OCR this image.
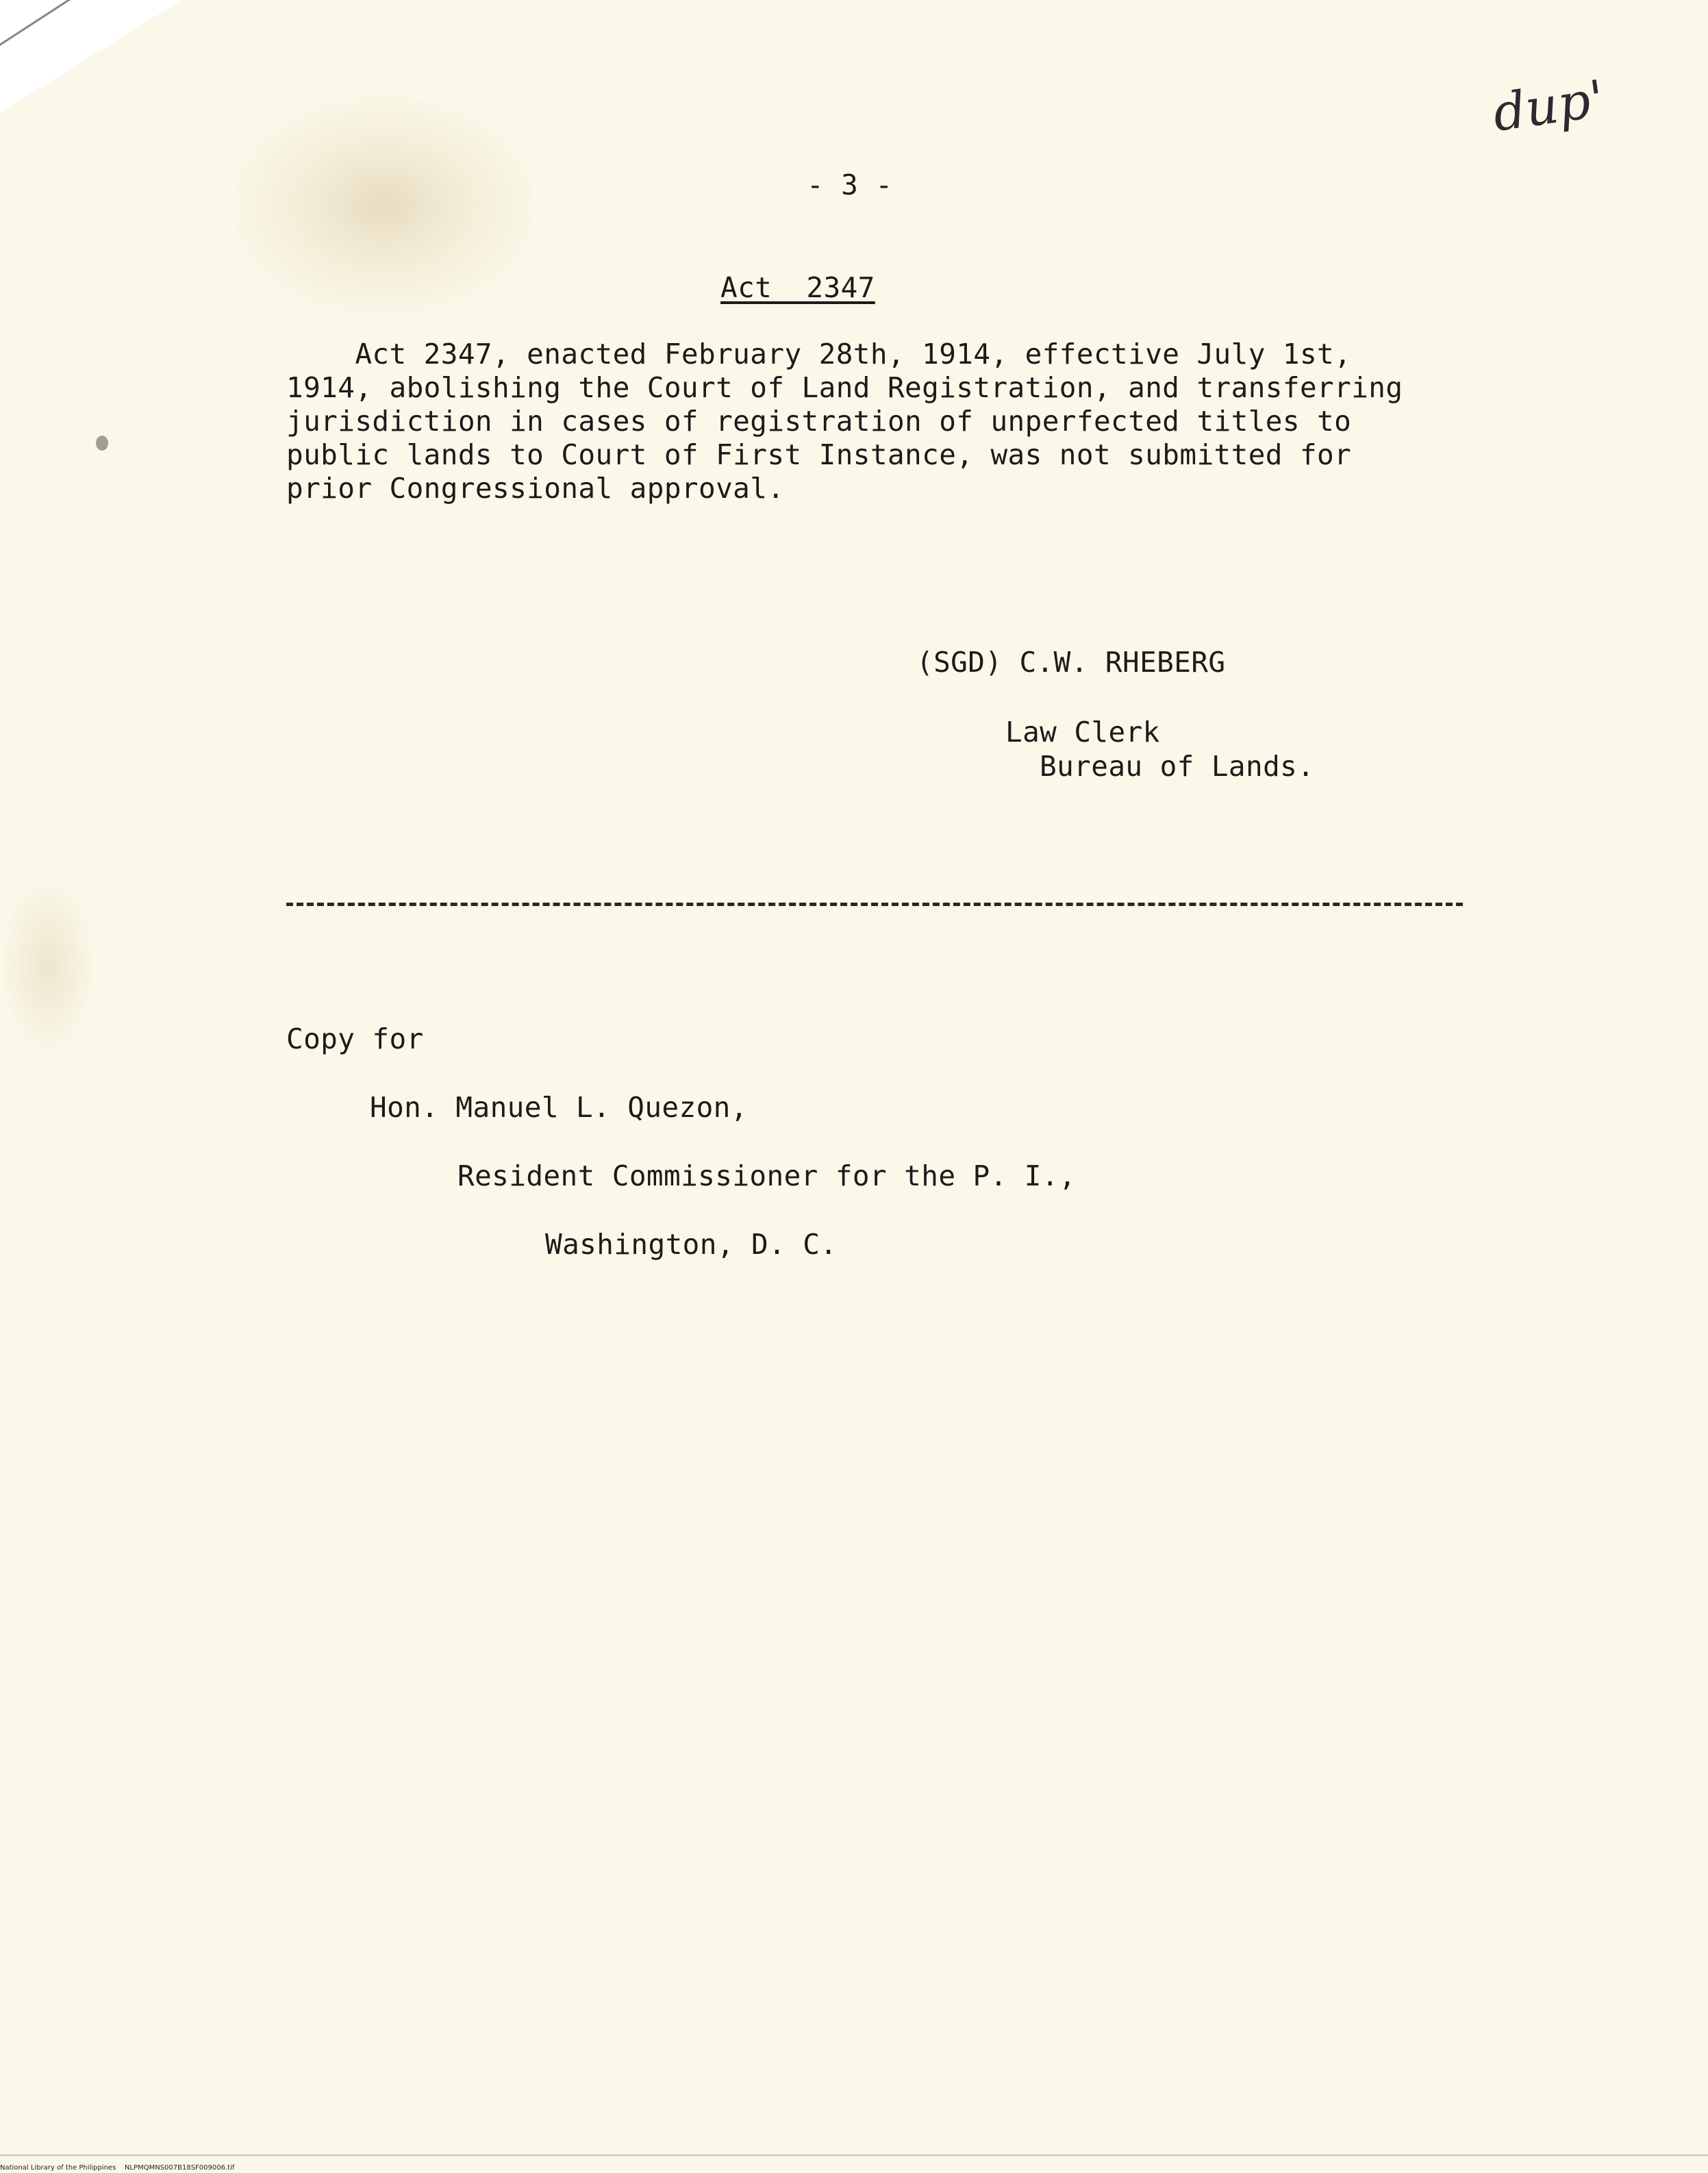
dup'
- 3 -
Act  2347
Act 2347, enacted February 28th, 1914, effective July 1st,
1914, abolishing the Court of Land Registration, and transferring
jurisdiction in cases of registration of unperfected titles to
public lands to Court of First Instance, was not submitted for
prior Congressional approval.
(SGD) C.W. RHEBERG
Law Clerk
Bureau of Lands.
Copy for
Hon. Manuel L. Quezon,
Resident Commissioner for the P. I.,
Washington, D. C.
National Library of the Philippines    NLPMQMNS007B18SF009006.tif
